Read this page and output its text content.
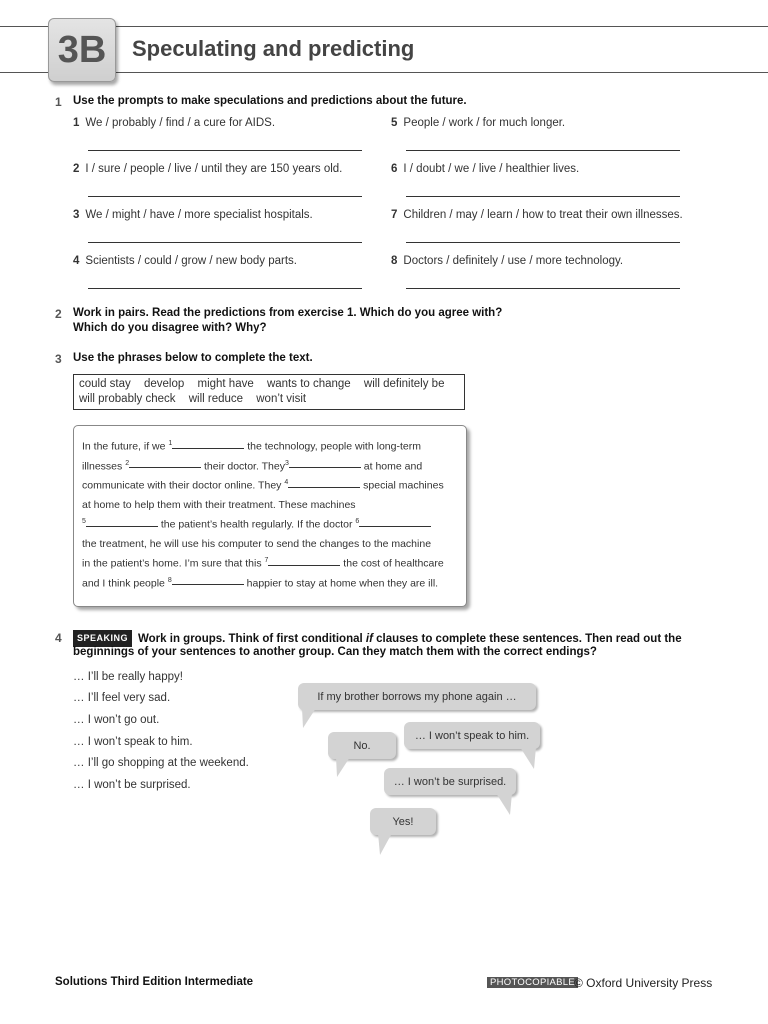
3B	Speculating and predicting
1 Use the prompts to make speculations and predictions about the future.
1 We / probably / find / a cure for AIDS.
2 I / sure / people / live / until they are 150 years old.
3 We / might / have / more specialist hospitals.
4 Scientists / could / grow / new body parts.
5 People / work / for much longer.
6 I / doubt / we / live / healthier lives.
7 Children / may / learn / how to treat their own illnesses.
8 Doctors / definitely / use / more technology.
2 Work in pairs. Read the predictions from exercise 1. Which do you agree with?
Which do you disagree with? Why?
3 Use the phrases below to complete the text.
could stay develop might have wants to change will definitely be
will probably check will reduce won’t visit
In the future, if we $^1$	the technology, people with long-term
illnesses $^2$	their doctor. They$^3$	at home and
communicate with their doctor online. They $^4$	special machines
at home to help them with their treatment. These machines
$^5$	the patient’s health regularly. If the doctor $^6$
the treatment, he will use his computer to send the changes to the machine
in the patient’s home. I’m sure that this $^7$	the cost of healthcare
and I think people $^8$	happier to stay at home when they are ill.
4	SPEAKING Work in groups. Think of first conditional if clauses to complete these sentences. Then read out the
beginnings of your sentences to another group. Can they match them with the correct endings?
… I’ll be really happy!
… I’ll feel very sad.
… I won’t go out.
… I won’t speak to him.
… I’ll go shopping at the weekend.
… I won’t be surprised.
If my brother borrows my phone again …
… I won’t speak to him.
No.
… I won’t be surprised.
Yes!
Solutions Third Edition Intermediate	PHOTOCOPIABLE
© Oxford University Press
